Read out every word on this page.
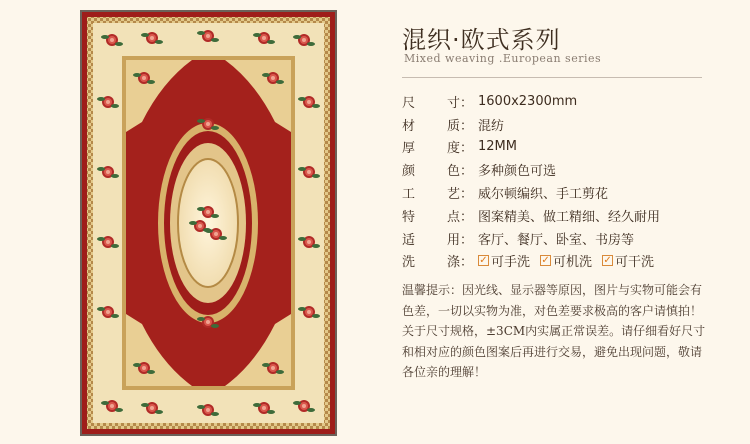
混织·欧式系列
Mixed weaving .European series
尺 寸 ： 1600x2300mm
材 质 ： 混纺
厚 度 ： 12MM
颜 色 ： 多种颜色可选
工 艺 ： 威尔顿编织、手工剪花
特 点 ： 图案精美、做工精细、经久耐用
适 用 ： 客厅、餐厅、卧室、书房等
洗 涤 ： ✓ 可手洗 ✓ 可机洗 ✓ 可干洗
温馨提示：因光线、显示器等原因，图片与实物可能会有色差，一切以实物为准，对色差要求极高的客户请慎拍！关于尺寸规格，±3CM内实属正常误差。请仔细看好尺寸和相对应的颜色图案后再进行交易，避免出现问题，敬请各位亲的理解！
